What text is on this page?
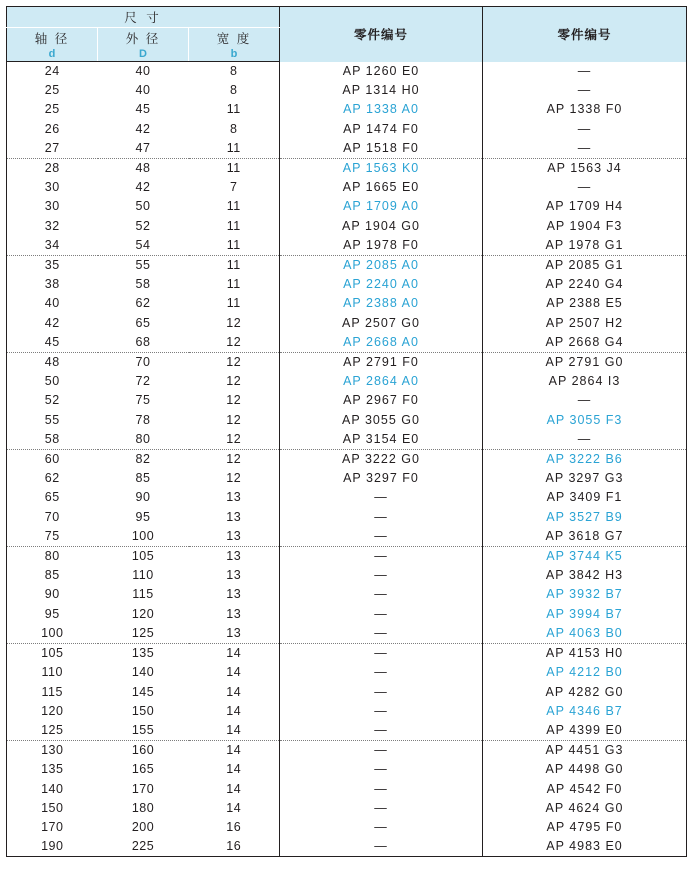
尺 寸			零件编号	零件编号
轴 径	外 径	宽 度		
d	D	b		
24	40	8	AP 1260 E0	—
25	40	8	AP 1314 H0	—
25	45	11	AP 1338 A0	AP 1338 F0
26	42	8	AP 1474 F0	—
27	47	11	AP 1518 F0	—
28	48	11	AP 1563 K0	AP 1563 J4
30	42	7	AP 1665 E0	—
30	50	11	AP 1709 A0	AP 1709 H4
32	52	11	AP 1904 G0	AP 1904 F3
34	54	11	AP 1978 F0	AP 1978 G1
35	55	11	AP 2085 A0	AP 2085 G1
38	58	11	AP 2240 A0	AP 2240 G4
40	62	11	AP 2388 A0	AP 2388 E5
42	65	12	AP 2507 G0	AP 2507 H2
45	68	12	AP 2668 A0	AP 2668 G4
48	70	12	AP 2791 F0	AP 2791 G0
50	72	12	AP 2864 A0	AP 2864 I3
52	75	12	AP 2967 F0	—
55	78	12	AP 3055 G0	AP 3055 F3
58	80	12	AP 3154 E0	—
60	82	12	AP 3222 G0	AP 3222 B6
62	85	12	AP 3297 F0	AP 3297 G3
65	90	13	—	AP 3409 F1
70	95	13	—	AP 3527 B9
75	100	13	—	AP 3618 G7
80	105	13	—	AP 3744 K5
85	110	13	—	AP 3842 H3
90	115	13	—	AP 3932 B7
95	120	13	—	AP 3994 B7
100	125	13	—	AP 4063 B0
105	135	14	—	AP 4153 H0
110	140	14	—	AP 4212 B0
115	145	14	—	AP 4282 G0
120	150	14	—	AP 4346 B7
125	155	14	—	AP 4399 E0
130	160	14	—	AP 4451 G3
135	165	14	—	AP 4498 G0
140	170	14	—	AP 4542 F0
150	180	14	—	AP 4624 G0
170	200	16	—	AP 4795 F0
190	225	16	—	AP 4983 E0
